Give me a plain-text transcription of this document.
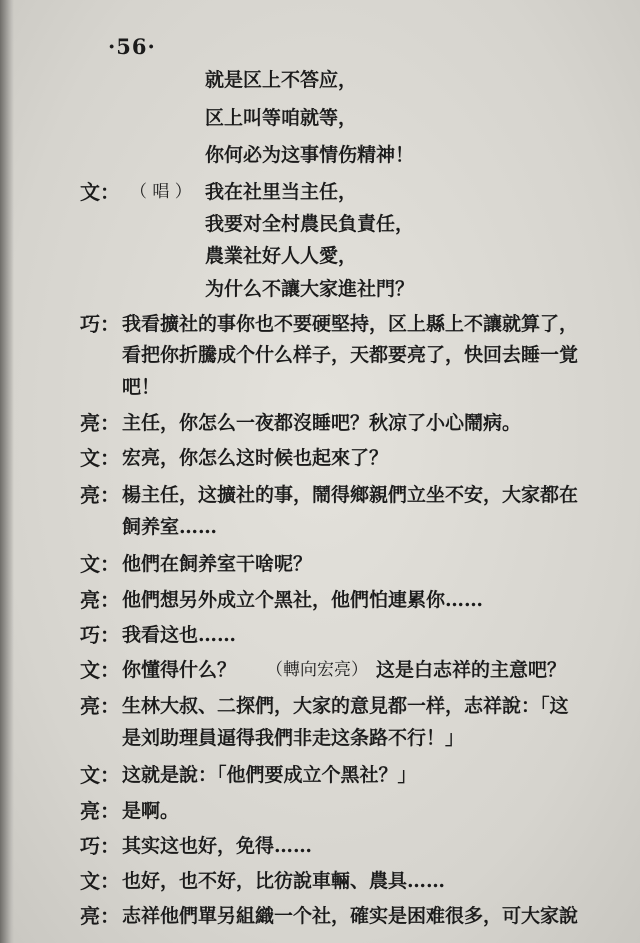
·56·
就是区上不答应，
区上叫等咱就等，
你何必为这事情伤精神！
文： （ 唱 ） 我在社里当主任，
我要对全村農民負責任，
農業社好人人愛，
为什么不讓大家進社門？
巧： 我看擴社的事你也不要硬堅持，区上縣上不讓就算了，
看把你折騰成个什么样子，天都要亮了，快回去睡一覚
吧！
亮： 主任，你怎么一夜都沒睡吧？秋凉了小心鬧病。
文： 宏亮，你怎么这时候也起來了？
亮： 楊主任，这擴社的事，鬧得鄉親們立坐不安，大家都在
飼养室……
文： 他們在飼养室干啥呢？
亮： 他們想另外成立个黑社，他們怕連累你……
巧： 我看这也……
文： 你懂得什么？ （轉向宏亮） 这是白志祥的主意吧？
亮： 生林大叔、二探們，大家的意見都一样，志祥說：「这
是刘助理員逼得我們非走这条路不行！」
文： 这就是說：「他們要成立个黑社？」
亮： 是啊。
巧： 其实这也好，免得……
文： 也好，也不好，比彷說車輛、農具……
亮： 志祥他們單另組織一个社，確实是困难很多，可大家說
